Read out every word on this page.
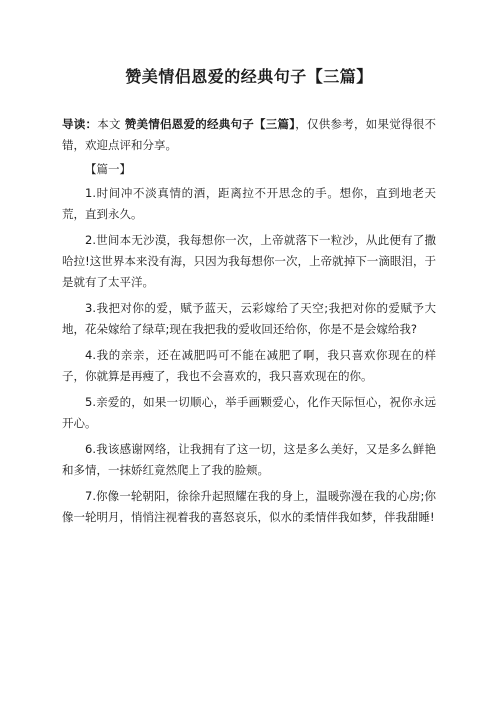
赞美情侣恩爱的经典句子【三篇】

导读：本文 赞美情侣恩爱的经典句子【三篇】，仅供参考，如果觉得很不错，欢迎点评和分享。

【篇一】

1.时间冲不淡真情的酒，距离拉不开思念的手。想你，直到地老天荒，直到永久。

2.世间本无沙漠，我每想你一次，上帝就落下一粒沙，从此便有了撒哈拉!这世界本来没有海，只因为我每想你一次，上帝就掉下一滴眼泪，于是就有了太平洋。

3.我把对你的爱，赋予蓝天，云彩嫁给了天空;我把对你的爱赋予大地，花朵嫁给了绿草;现在我把我的爱收回还给你，你是不是会嫁给我?

4.我的亲亲，还在减肥吗可不能在减肥了啊，我只喜欢你现在的样子，你就算是再瘦了，我也不会喜欢的，我只喜欢现在的你。

5.亲爱的，如果一切顺心，举手画颗爱心，化作天际恒心，祝你永远开心。

6.我该感谢网络，让我拥有了这一切，这是多么美好，又是多么鲜艳和多情，一抹娇红竟然爬上了我的脸颊。

7.你像一轮朝阳，徐徐升起照耀在我的身上，温暖弥漫在我的心房;你像一轮明月，悄悄注视着我的喜怒哀乐，似水的柔情伴我如梦，伴我甜睡!
